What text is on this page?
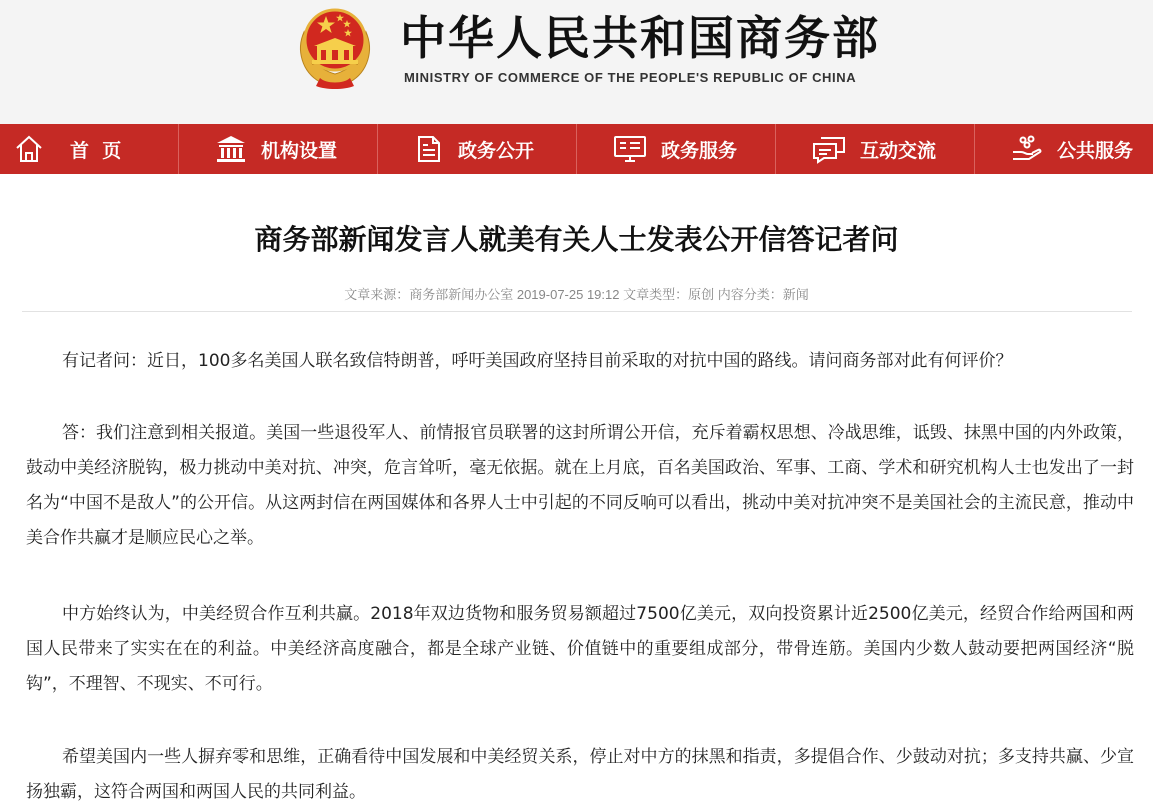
中华人民共和国商务部
MINISTRY OF COMMERCE OF THE PEOPLE'S REPUBLIC OF CHINA
首  页	机构设置	政务公开	政务服务	互动交流	公共服务
商务部新闻发言人就美有关人士发表公开信答记者问
文章来源：商务部新闻办公室 2019-07-25 19:12 文章类型：原创 内容分类：新闻

有记者问：近日，100多名美国人联名致信特朗普，呼吁美国政府坚持目前采取的对抗中国的路线。请问商务部对此有何评价？

答：我们注意到相关报道。美国一些退役军人、前情报官员联署的这封所谓公开信，充斥着霸权思想、冷战思维，诋毁、抹黑中国的内外政策，鼓动中美经济脱钩，极力挑动中美对抗、冲突，危言耸听，毫无依据。就在上月底，百名美国政治、军事、工商、学术和研究机构人士也发出了一封名为“中国不是敌人”的公开信。从这两封信在两国媒体和各界人士中引起的不同反响可以看出，挑动中美对抗冲突不是美国社会的主流民意，推动中美合作共赢才是顺应民心之举。

中方始终认为，中美经贸合作互利共赢。2018年双边货物和服务贸易额超过7500亿美元，双向投资累计近2500亿美元，经贸合作给两国和两国人民带来了实实在在的利益。中美经济高度融合，都是全球产业链、价值链中的重要组成部分，带骨连筋。美国内少数人鼓动要把两国经济“脱钩”，不理智、不现实、不可行。

希望美国内一些人摒弃零和思维，正确看待中国发展和中美经贸关系，停止对中方的抹黑和指责，多提倡合作、少鼓动对抗；多支持共赢、少宣扬独霸，这符合两国和两国人民的共同利益。
